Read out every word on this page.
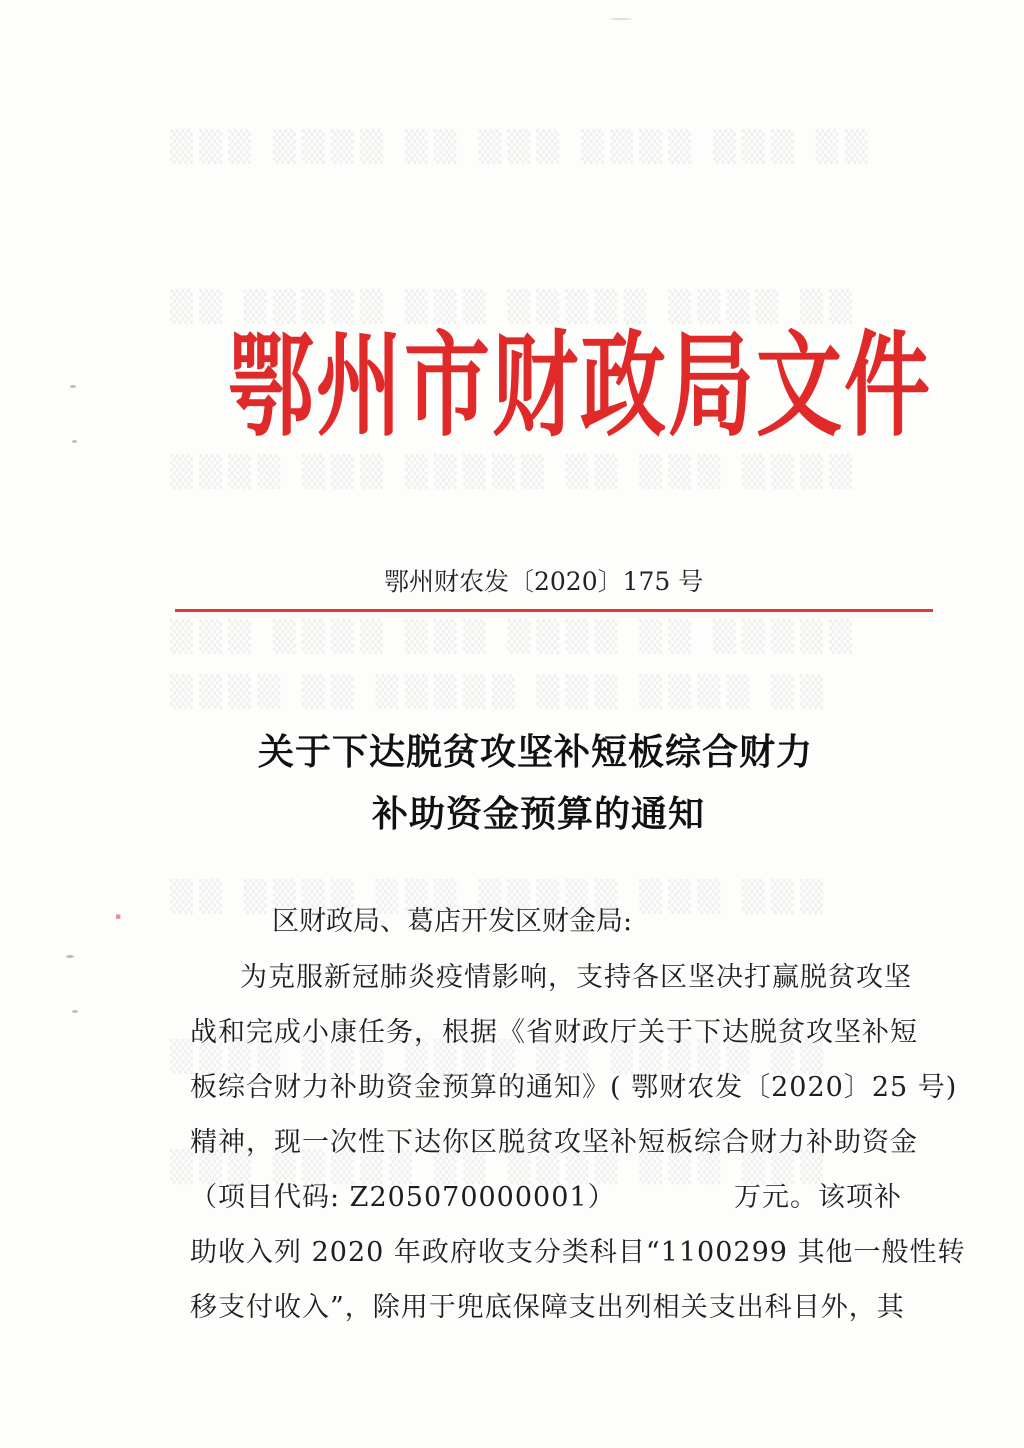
▒▒▒ ▒▒▒▒ ▒▒ ▒▒▒ ▒▒▒▒ ▒▒▒ ▒▒
▒▒ ▒▒▒▒▒ ▒▒▒ ▒▒▒▒▒ ▒▒▒▒ ▒▒
▒▒▒▒ ▒▒▒ ▒▒▒▒▒ ▒▒ ▒▒▒ ▒▒▒▒
▒▒▒ ▒▒▒▒ ▒▒▒ ▒▒▒▒ ▒▒ ▒▒▒▒▒
▒▒▒▒ ▒▒ ▒▒▒▒▒ ▒▒▒ ▒▒▒▒ ▒▒
▒▒ ▒▒▒▒ ▒▒▒ ▒▒▒▒▒ ▒▒▒ ▒▒▒
▒▒▒▒ ▒▒▒ ▒▒▒▒ ▒▒ ▒▒▒▒▒ ▒▒
▒▒▒ ▒▒▒▒▒ ▒▒ ▒▒▒▒ ▒▒▒ ▒▒▒
▪
鄂州市财政局文件
鄂州财农发〔2020〕175 号
关于下达脱贫攻坚补短板综合财力
补助资金预算的通知
区财政局、葛店开发区财金局:
为克服新冠肺炎疫情影响，支持各区坚决打赢脱贫攻坚
战和完成小康任务，根据《省财政厅关于下达脱贫攻坚补短
板综合财力补助资金预算的通知》( 鄂财农发〔2020〕25 号)
精神，现一次性下达你区脱贫攻坚补短板综合财力补助资金
（项目代码: Z205070000001）	万元。该项补
助收入列 2020 年政府收支分类科目“1100299 其他一般性转
移支付收入”，除用于兜底保障支出列相关支出科目外，其
